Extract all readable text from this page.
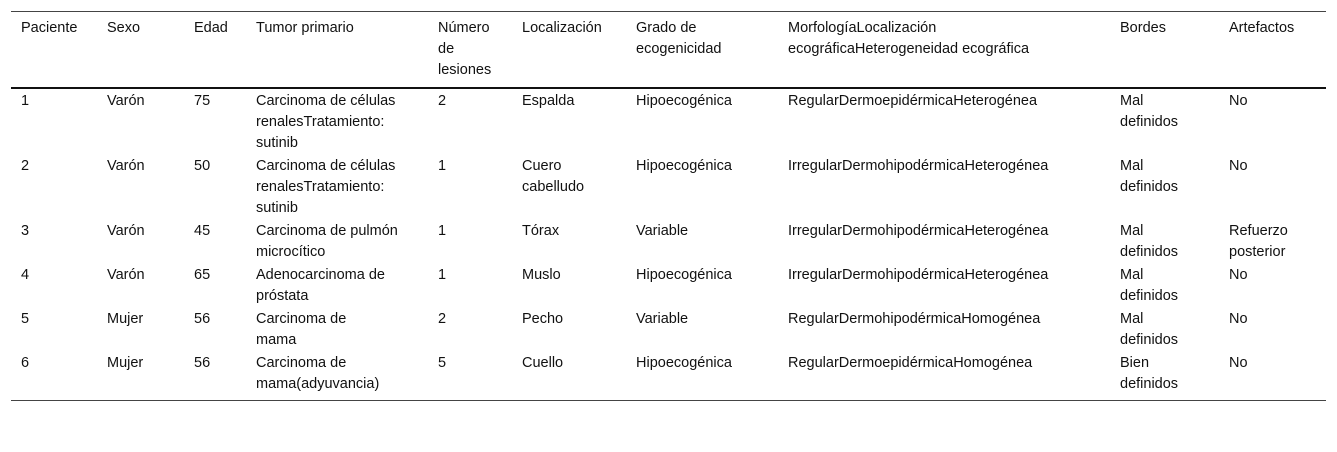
Paciente	Sexo	Edad	Tumor primario	Número de lesiones	Localización	Grado de ecogenicidad	MorfologíaLocalización ecográficaHeterogeneidad ecográfica	Bordes	Artefactos
1	Varón	75	Carcinoma de células renalesTratamiento: sutinib	2	Espalda	Hipoecogénica	RegularDermoepidérmicaHeterogénea	Mal definidos	No
2	Varón	50	Carcinoma de células renalesTratamiento: sutinib	1	Cuero cabelludo	Hipoecogénica	IrregularDermohipodérmicaHeterogénea	Mal definidos	No
3	Varón	45	Carcinoma de pulmón microcítico	1	Tórax	Variable	IrregularDermohipodérmicaHeterogénea	Mal definidos	Refuerzo posterior
4	Varón	65	Adenocarcinoma de próstata	1	Muslo	Hipoecogénica	IrregularDermohipodérmicaHeterogénea	Mal definidos	No
5	Mujer	56	Carcinoma de mama	2	Pecho	Variable	RegularDermohipodérmicaHomogénea	Mal definidos	No
6	Mujer	56	Carcinoma de mama(adyuvancia)	5	Cuello	Hipoecogénica	RegularDermoepidérmicaHomogénea	Bien definidos	No
